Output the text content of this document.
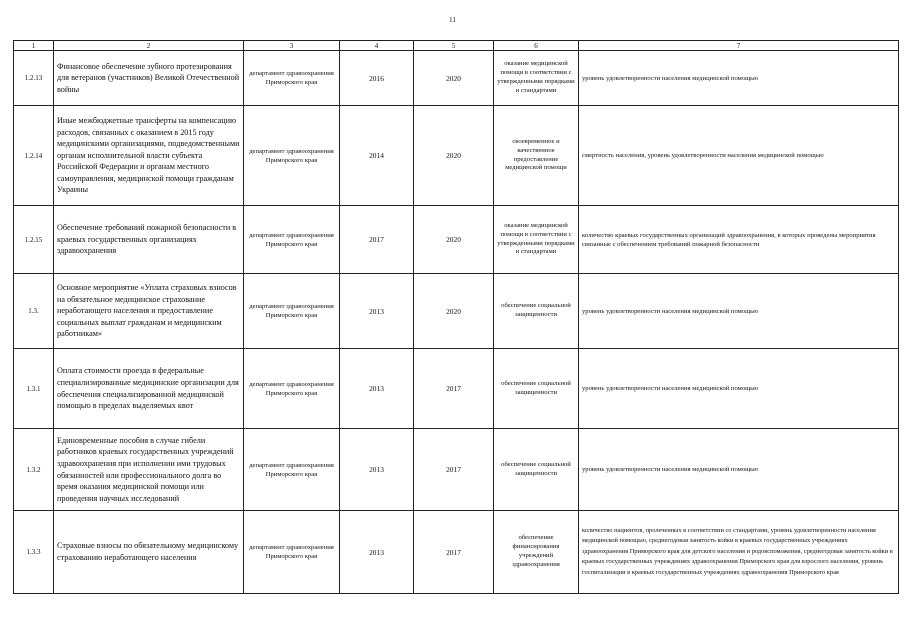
11
1	2	3	4	5	6	7
1.2.13	Финансовое обеспечение зубного протезирования для ветеранов (участников) Великой Отечественной войны	департамент здравоохранения Приморского края	2016	2020	оказание медицинской помощи в соответствии с утвержденными порядками и стандартами	уровень удовлетворенности населения медицинской помощью
1.2.14	Иные межбюджетные трансферты на компенсацию расходов, связанных с оказанием в 2015 году медицинскими организациями, подведомственными органам исполнительной власти субъекта Российской Федерации и органам местного самоуправления, медицинской помощи гражданам Украины	департамент здравоохранения Приморского края	2014	2020	своевременное и качественное предоставление медицинской помощи	смертность населения, уровень удовлетворенности населения медицинской помощью
1.2.15	Обеспечение требований пожарной безопасности в краевых государственных организациях здравоохранения	департамент здравоохранения Приморского края	2017	2020	оказание медицинской помощи в соответствии с утвержденными порядками и стандартами	количество краевых государственных организаций здравоохранения, в которых проведены мероприятия связанные с обеспечением требований пожарной безопасности
1.3.	Основное мероприятие «Уплата страховых взносов на обязательное медицинское страхование неработающего населения и предоставление социальных выплат гражданам и медицинским работникам»	департамент здравоохранения Приморского края	2013	2020	обеспечение социальной защищенности	уровень удовлетворенности населения медицинской помощью
1.3.1	Оплата стоимости проезда в федеральные специализированные медицинские организации для обеспечения специализированной медицинской помощью в пределах выделяемых квот	департамент здравоохранения Приморского края	2013	2017	обеспечение социальной защищенности	уровень удовлетворенности населения медицинской помощью
1.3.2	Единовременные пособия в случае гибели работников краевых государственных учреждений здравоохранения при исполнении ими трудовых обязанностей или профессионального долга во время оказания медицинской помощи или проведения научных исследований	департамент здравоохранения Приморского края	2013	2017	обеспечение социальной защищенности	уровень удовлетворенности населения медицинской помощью
1.3.3	Страховые взносы по обязательному медицинскому страхованию неработающего населения	департамент здравоохранения Приморского края	2013	2017	обеспечение финансирования учреждений здравоохранения	количество пациентов, пролеченных в соответствии со стандартами, уровень удовлетворенности населения медицинской помощью, среднегодовая занятость койки в краевых государственных учреждениях здравоохранения Приморского края для детского населения и родовспоможения, среднегодовая занятость койки в краевых государственных учреждениях здравоохранения Приморского края для взрослого населения, уровень госпитализации в краевых государственных учреждениях здравоохранения Приморского края
